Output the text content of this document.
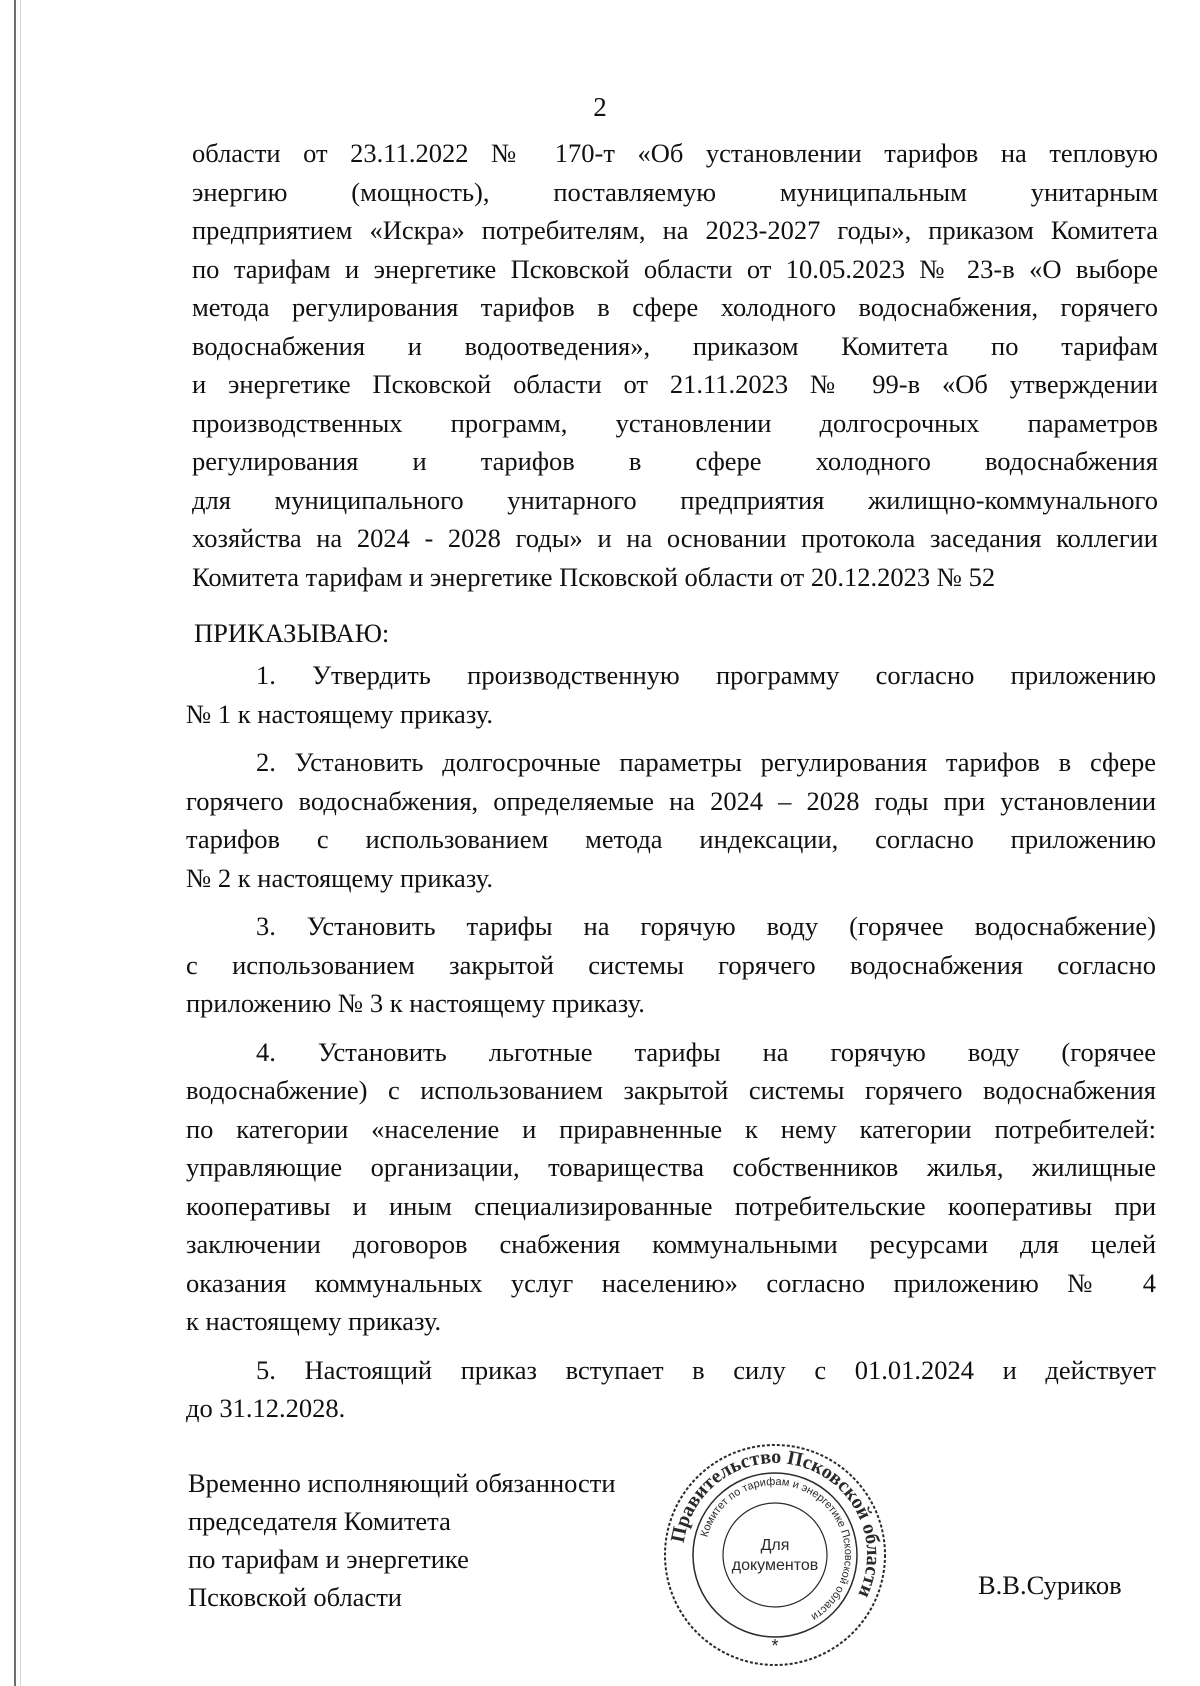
2
области от 23.11.2022 № 170-т «Об установлении тарифов на тепловую
энергию (мощность), поставляемую муниципальным унитарным
предприятием «Искра» потребителям, на 2023-2027 годы», приказом Комитета
по тарифам и энергетике Псковской области от 10.05.2023 № 23-в «О выборе
метода регулирования тарифов в сфере холодного водоснабжения, горячего
водоснабжения и водоотведения», приказом Комитета по тарифам
и энергетике Псковской области от 21.11.2023 № 99-в «Об утверждении
производственных программ, установлении долгосрочных параметров
регулирования и тарифов в сфере холодного водоснабжения
для муниципального унитарного предприятия жилищно-коммунального
хозяйства на 2024 - 2028 годы» и на основании протокола заседания коллегии
Комитета тарифам и энергетике Псковской области от 20.12.2023 № 52
ПРИКАЗЫВАЮ:
1. Утвердить производственную программу согласно приложению
№ 1 к настоящему приказу.
2. Установить долгосрочные параметры регулирования тарифов в сфере
горячего водоснабжения, определяемые на 2024 – 2028 годы при установлении
тарифов с использованием метода индексации, согласно приложению
№ 2 к настоящему приказу.
3. Установить тарифы на горячую воду (горячее водоснабжение)
с использованием закрытой системы горячего водоснабжения согласно
приложению № 3 к настоящему приказу.
4. Установить льготные тарифы на горячую воду (горячее
водоснабжение) с использованием закрытой системы горячего водоснабжения
по категории «население и приравненные к нему категории потребителей:
управляющие организации, товарищества собственников жилья, жилищные
кооперативы и иным специализированные потребительские кооперативы при
заключении договоров снабжения коммунальными ресурсами для целей
оказания коммунальных услуг населению» согласно приложению № 4
к настоящему приказу.
5. Настоящий приказ вступает в силу с 01.01.2024 и действует
до 31.12.2028.
Временно исполняющий обязанности
председателя Комитета
по тарифам и энергетике
Псковской области	В.В.Суриков
Правительство Псковской области
Комитет по тарифам и энергетике Псковской области
Для
документов
*
